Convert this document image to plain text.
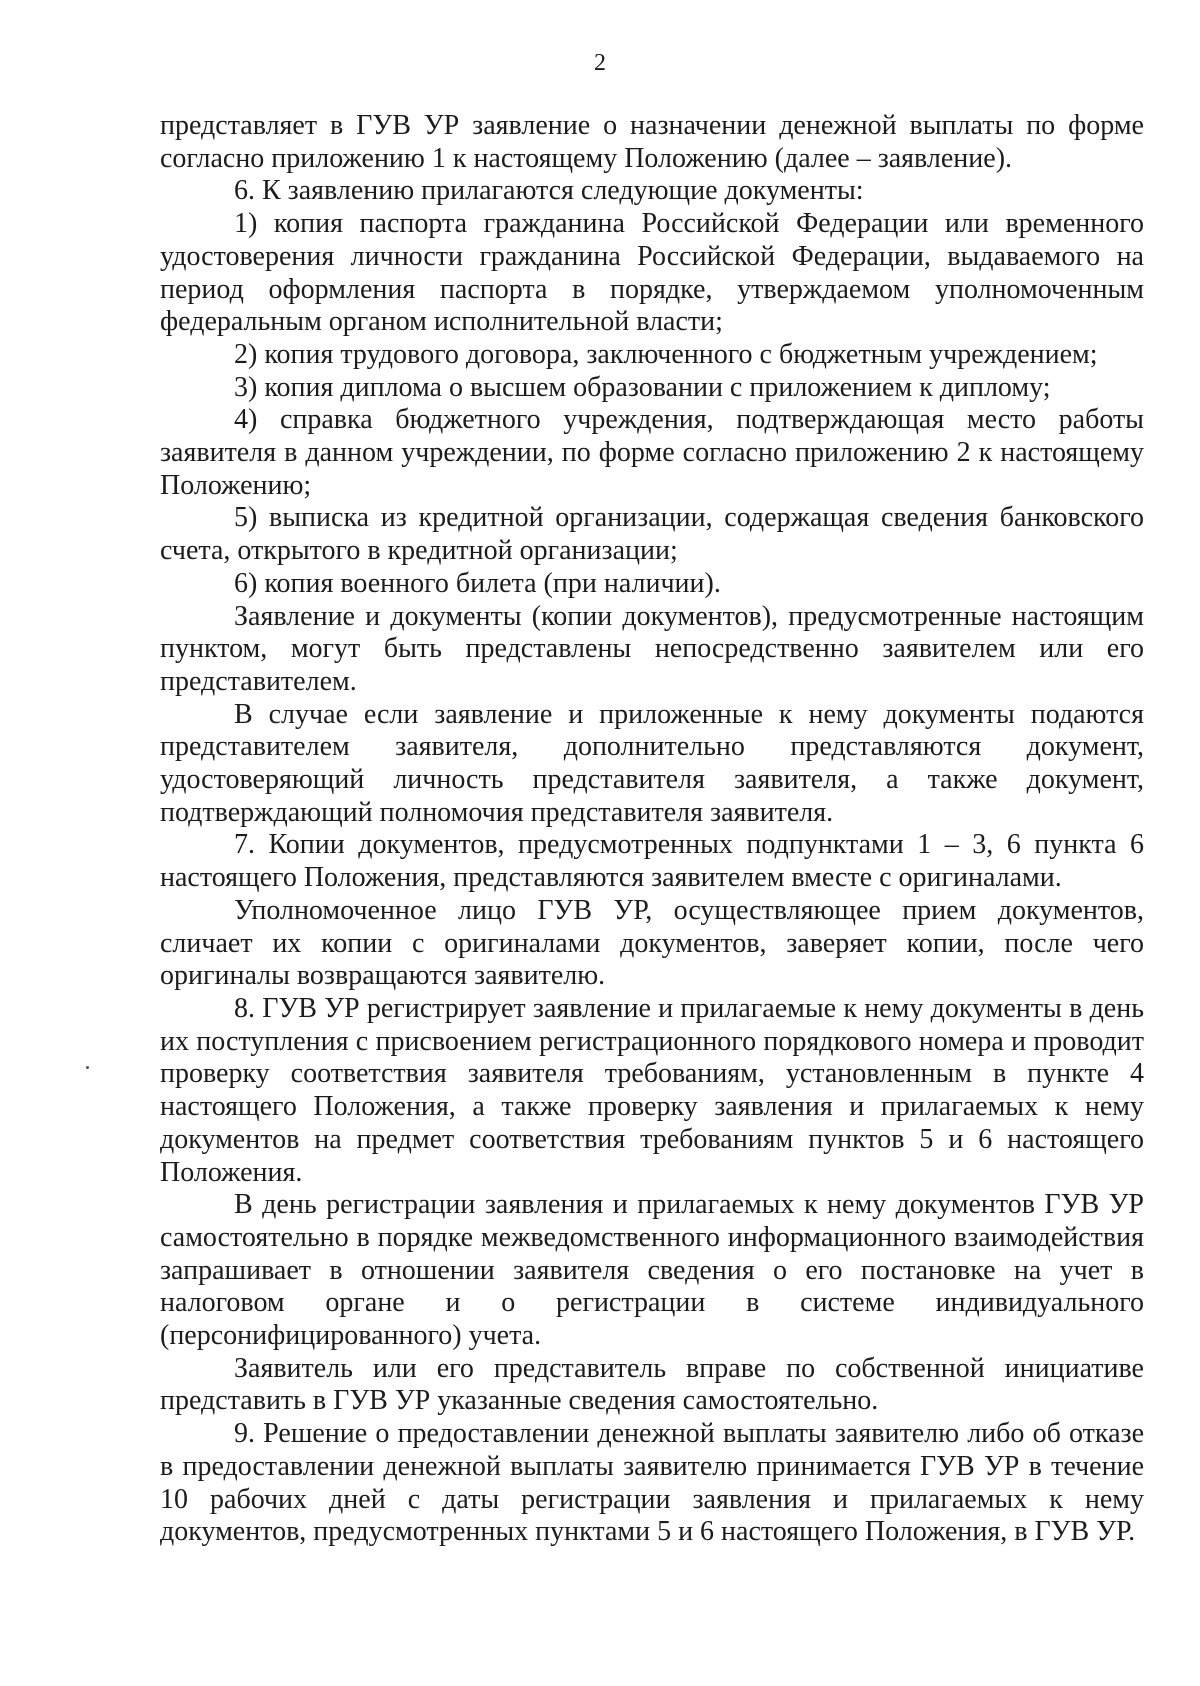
2

представляет в ГУВ УР заявление о назначении денежной выплаты по форме согласно приложению 1 к настоящему Положению (далее – заявление).

6. К заявлению прилагаются следующие документы:

1) копия паспорта гражданина Российской Федерации или временного удостоверения личности гражданина Российской Федерации, выдаваемого на период оформления паспорта в порядке, утверждаемом уполномоченным федеральным органом исполнительной власти;

2) копия трудового договора, заключенного с бюджетным учреждением;

3) копия диплома о высшем образовании с приложением к диплому;

4) справка бюджетного учреждения, подтверждающая место работы заявителя в данном учреждении, по форме согласно приложению 2 к настоящему Положению;

5) выписка из кредитной организации, содержащая сведения банковского счета, открытого в кредитной организации;

6) копия военного билета (при наличии).

Заявление и документы (копии документов), предусмотренные настоящим пунктом, могут быть представлены непосредственно заявителем или его представителем.

В случае если заявление и приложенные к нему документы подаются представителем заявителя, дополнительно представляются документ, удостоверяющий личность представителя заявителя, а также документ, подтверждающий полномочия представителя заявителя.

7. Копии документов, предусмотренных подпунктами 1 – 3, 6 пункта 6 настоящего Положения, представляются заявителем вместе с оригиналами.

Уполномоченное лицо ГУВ УР, осуществляющее прием документов, сличает их копии с оригиналами документов, заверяет копии, после чего оригиналы возвращаются заявителю.

8. ГУВ УР регистрирует заявление и прилагаемые к нему документы в день их поступления с присвоением регистрационного порядкового номера и проводит проверку соответствия заявителя требованиям, установленным в пункте 4 настоящего Положения, а также проверку заявления и прилагаемых к нему документов на предмет соответствия требованиям пунктов 5 и 6 настоящего Положения.

В день регистрации заявления и прилагаемых к нему документов ГУВ УР самостоятельно в порядке межведомственного информационного взаимодействия запрашивает в отношении заявителя сведения о его постановке на учет в налоговом органе и о регистрации в системе индивидуального (персонифицированного) учета.

Заявитель или его представитель вправе по собственной инициативе представить в ГУВ УР указанные сведения самостоятельно.

9. Решение о предоставлении денежной выплаты заявителю либо об отказе в предоставлении денежной выплаты заявителю принимается ГУВ УР в течение 10 рабочих дней с даты регистрации заявления и прилагаемых к нему документов, предусмотренных пунктами 5 и 6 настоящего Положения, в ГУВ УР.
